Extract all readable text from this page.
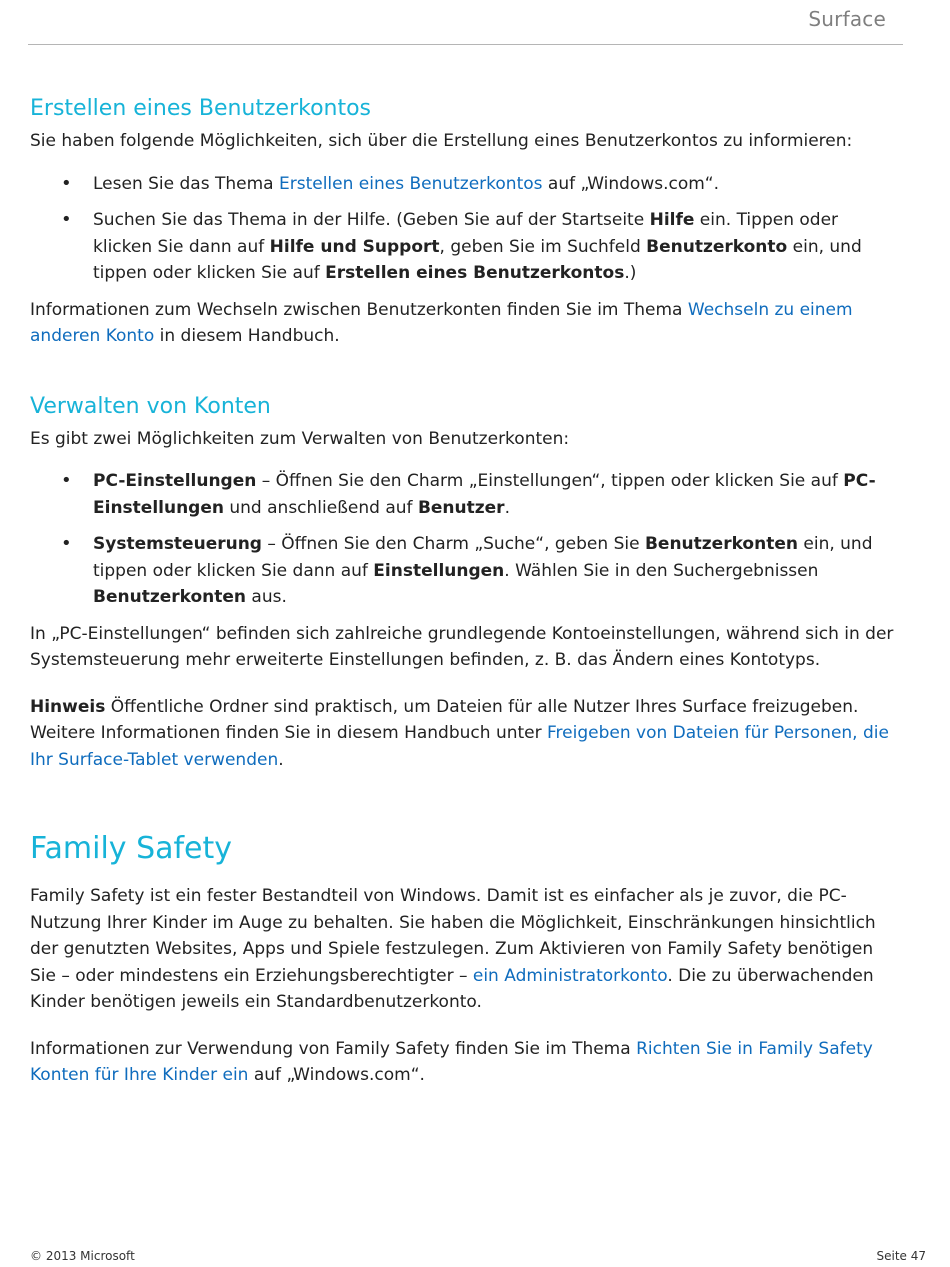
Surface
Erstellen eines Benutzerkontos

Sie haben folgende Möglichkeiten, sich über die Erstellung eines Benutzerkontos zu informieren:

• Lesen Sie das Thema Erstellen eines Benutzerkontos auf „Windows.com“.
• Suchen Sie das Thema in der Hilfe. (Geben Sie auf der Startseite Hilfe ein. Tippen oder klicken Sie dann auf Hilfe und Support, geben Sie im Suchfeld Benutzerkonto ein, und tippen oder klicken Sie auf Erstellen eines Benutzerkontos.)

Informationen zum Wechseln zwischen Benutzerkonten finden Sie im Thema Wechseln zu einem anderen Konto in diesem Handbuch.

Verwalten von Konten

Es gibt zwei Möglichkeiten zum Verwalten von Benutzerkonten:

• PC-Einstellungen – Öffnen Sie den Charm „Einstellungen“, tippen oder klicken Sie auf PC-Einstellungen und anschließend auf Benutzer.
• Systemsteuerung – Öffnen Sie den Charm „Suche“, geben Sie Benutzerkonten ein, und tippen oder klicken Sie dann auf Einstellungen. Wählen Sie in den Suchergebnissen Benutzerkonten aus.

In „PC-Einstellungen“ befinden sich zahlreiche grundlegende Kontoeinstellungen, während sich in der Systemsteuerung mehr erweiterte Einstellungen befinden, z. B. das Ändern eines Kontotyps.

Hinweis Öffentliche Ordner sind praktisch, um Dateien für alle Nutzer Ihres Surface freizugeben. Weitere Informationen finden Sie in diesem Handbuch unter Freigeben von Dateien für Personen, die Ihr Surface-Tablet verwenden.

Family Safety

Family Safety ist ein fester Bestandteil von Windows. Damit ist es einfacher als je zuvor, die PC-Nutzung Ihrer Kinder im Auge zu behalten. Sie haben die Möglichkeit, Einschränkungen hinsichtlich der genutzten Websites, Apps und Spiele festzulegen. Zum Aktivieren von Family Safety benötigen Sie – oder mindestens ein Erziehungsberechtigter – ein Administratorkonto. Die zu überwachenden Kinder benötigen jeweils ein Standardbenutzerkonto.

Informationen zur Verwendung von Family Safety finden Sie im Thema Richten Sie in Family Safety Konten für Ihre Kinder ein auf „Windows.com“.

© 2013 Microsoft	Seite 47
